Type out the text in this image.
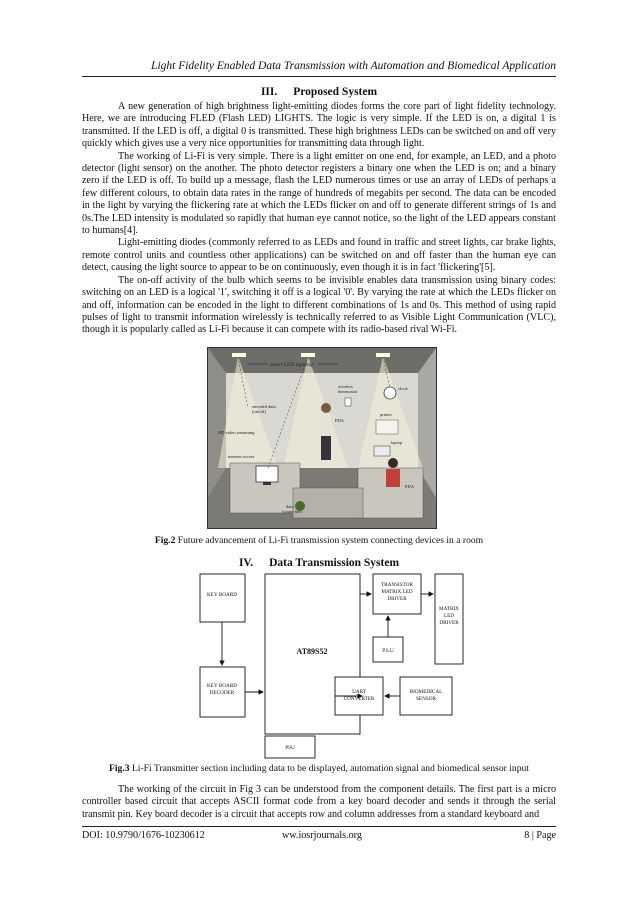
Light Fidelity Enabled Data Transmission with Automation and Biomedical Application
III. Proposed System

A new generation of high brightness light-emitting diodes forms the core part of light fidelity technology. Here, we are introducing FLED (Flash LED) LIGHTS. The logic is very simple. If the LED is on, a digital 1 is transmitted. If the LED is off, a digital 0 is transmitted. These high brightness LEDs can be switched on and off very quickly which gives use a very nice opportunities for transmitting data through light.

The working of Li-Fi is very simple. There is a light emitter on one end, for example, an LED, and a photo detector (light sensor) on the another. The photo detector registers a binary one when the LED is on; and a binary zero if the LED is off. To build up a message, flash the LED numerous times or use an array of LEDs of perhaps a few different colours, to obtain data rates in the range of hundreds of megabits per second. The data can be encoded in the light by varying the flickering rate at which the LEDs flicker on and off to generate different strings of 1s and 0s.The LED intensity is modulated so rapidly that human eye cannot notice, so the light of the LED appears constant to humans[4].

Light-emitting diodes (commonly referred to as LEDs and found in traffic and street lights, car brake lights, remote control units and countless other applications) can be switched on and off faster than the human eye can detect, causing the light source to appear to be on continuously, even though it is in fact 'flickering'[5].

The on-off activity of the bulb which seems to be invisible enables data transmission using binary codes: switching on an LED is a logical '1', switching it off is a logical '0'. By varying the rate at which the LEDs flicker on and off, information can be encoded in the light to different combinations of 1s and 0s. This method of using rapid pulses of light to transmit information wirelessly is technically referred to as Visible Light Communication (VLC), though it is popularly called as Li-Fi because it can compete with its radio-based rival Wi-Fi.

smart LED lighting
encoded data (on/off)
wireless thermostat
clock
PDA
printer
HD video streaming
laptop
internet access
PDA
data (water me)
Fig.2 Future advancement of Li-Fi transmission system connecting devices in a room
IV. Data Transmission System
KEY BOARD
KEY BOARD
DECODER
AT89S52
TRANSISTOR
MATRIX LED
DRIVER
MATRIX
LED
DRIVER
P.S.U
UART
CONVERTER
BIOMEDICAL
SENSOR
PSU
Fig.3 Li-Fi Transmitter section including data to be displayed, automation signal and biomedical sensor input

The working of the circuit in Fig 3 can be understood from the component details. The first part is a micro controller based circuit that accepts ASCII format code from a key board decoder and sends it through the serial transmit pin. Key board decoder is a circuit that accepts row and column addresses from a standard keyboard and

DOI: 10.9790/1676-10230612	ww.iosrjournals.org	8 | Page
